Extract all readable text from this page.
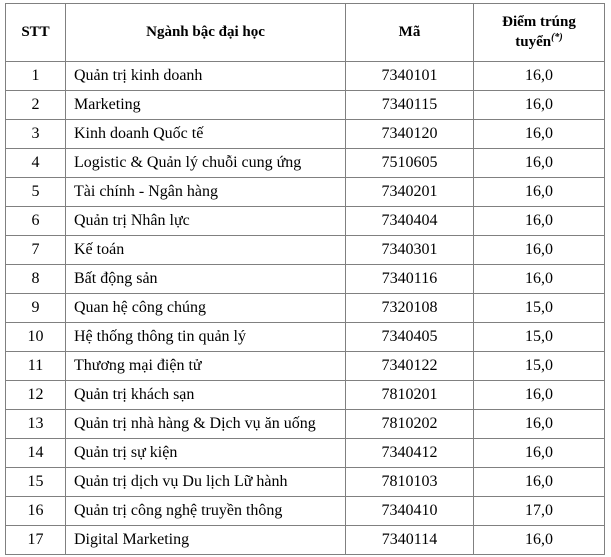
STT	Ngành bậc đại học	Mã	Điểm trúng tuyển(*)
1	Quản trị kinh doanh	7340101	16,0
2	Marketing	7340115	16,0
3	Kinh doanh Quốc tế	7340120	16,0
4	Logistic & Quản lý chuỗi cung ứng	7510605	16,0
5	Tài chính - Ngân hàng	7340201	16,0
6	Quản trị Nhân lực	7340404	16,0
7	Kế toán	7340301	16,0
8	Bất động sản	7340116	16,0
9	Quan hệ công chúng	7320108	15,0
10	Hệ thống thông tin quản lý	7340405	15,0
11	Thương mại điện tử	7340122	15,0
12	Quản trị khách sạn	7810201	16,0
13	Quản trị nhà hàng & Dịch vụ ăn uống	7810202	16,0
14	Quản trị sự kiện	7340412	16,0
15	Quản trị dịch vụ Du lịch Lữ hành	7810103	16,0
16	Quản trị công nghệ truyền thông	7340410	17,0
17	Digital Marketing	7340114	16,0
